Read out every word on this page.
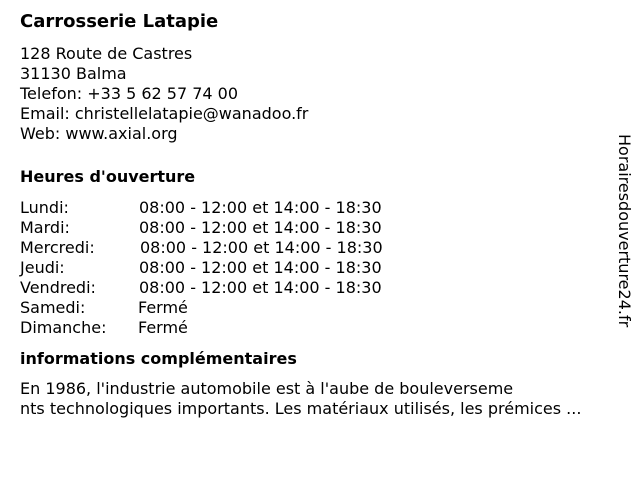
Carrosserie Latapie
128 Route de Castres
31130 Balma
Telefon: +33 5 62 57 74 00
Email: christellelatapie@wanadoo.fr
Web: www.axial.org
Heures d'ouverture
Lundi:	08:00 - 12:00 et 14:00 - 18:30
Mardi:	08:00 - 12:00 et 14:00 - 18:30
Mercredi:	08:00 - 12:00 et 14:00 - 18:30
Jeudi:	08:00 - 12:00 et 14:00 - 18:30
Vendredi:	08:00 - 12:00 et 14:00 - 18:30
Samedi:	Fermé
Dimanche: Fermé
informations complémentaires
En 1986, l'industrie automobile est à l'aube de bouleverseme
nts technologiques importants. Les matériaux utilisés, les prémices ...
Horairesdouverture24.fr
